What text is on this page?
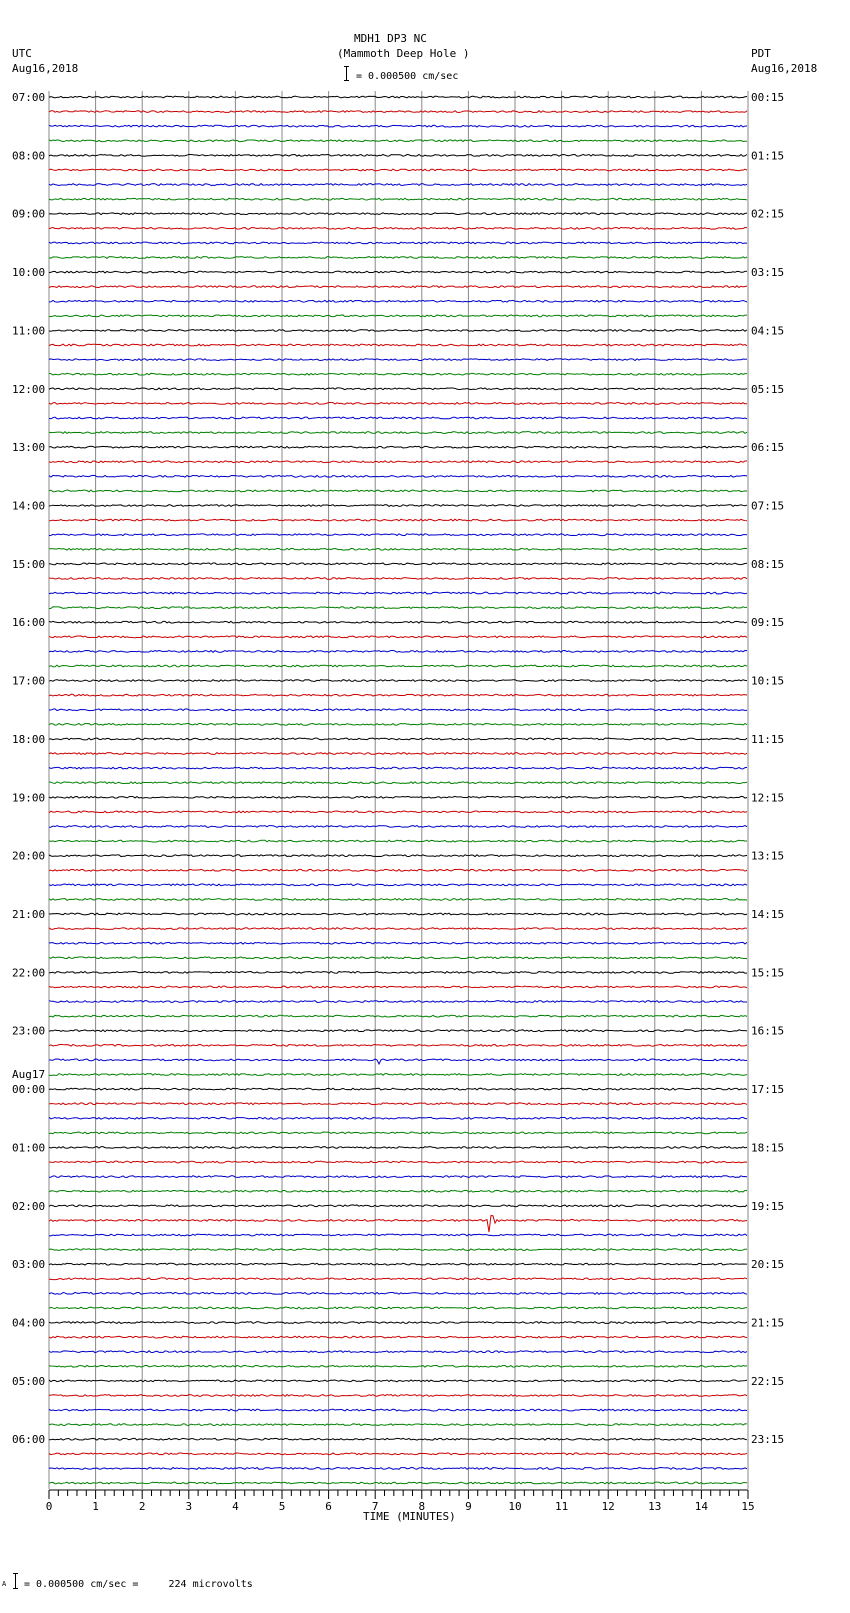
MDH1 DP3 NC
(Mammoth Deep Hole )
UTC
Aug16,2018
PDT
Aug16,2018
= 0.000500 cm/sec
07:00	00:15
08:00	01:15
09:00	02:15
10:00	03:15
11:00	04:15
12:00	05:15
13:00	06:15
14:00	07:15
15:00	08:15
16:00	09:15
17:00	10:15
18:00	11:15
19:00	12:15
20:00	13:15
21:00	14:15
22:00	15:15
23:00	16:15
00:00	17:15
01:00	18:15
02:00	19:15
03:00	20:15
04:00	21:15
05:00	22:15
06:00	23:15
Aug17
0	1	2	3	4	5	6	7	8	9	10	11	12	13	14	15
TIME (MINUTES)
A = 0.000500 cm/sec =     224 microvolts
